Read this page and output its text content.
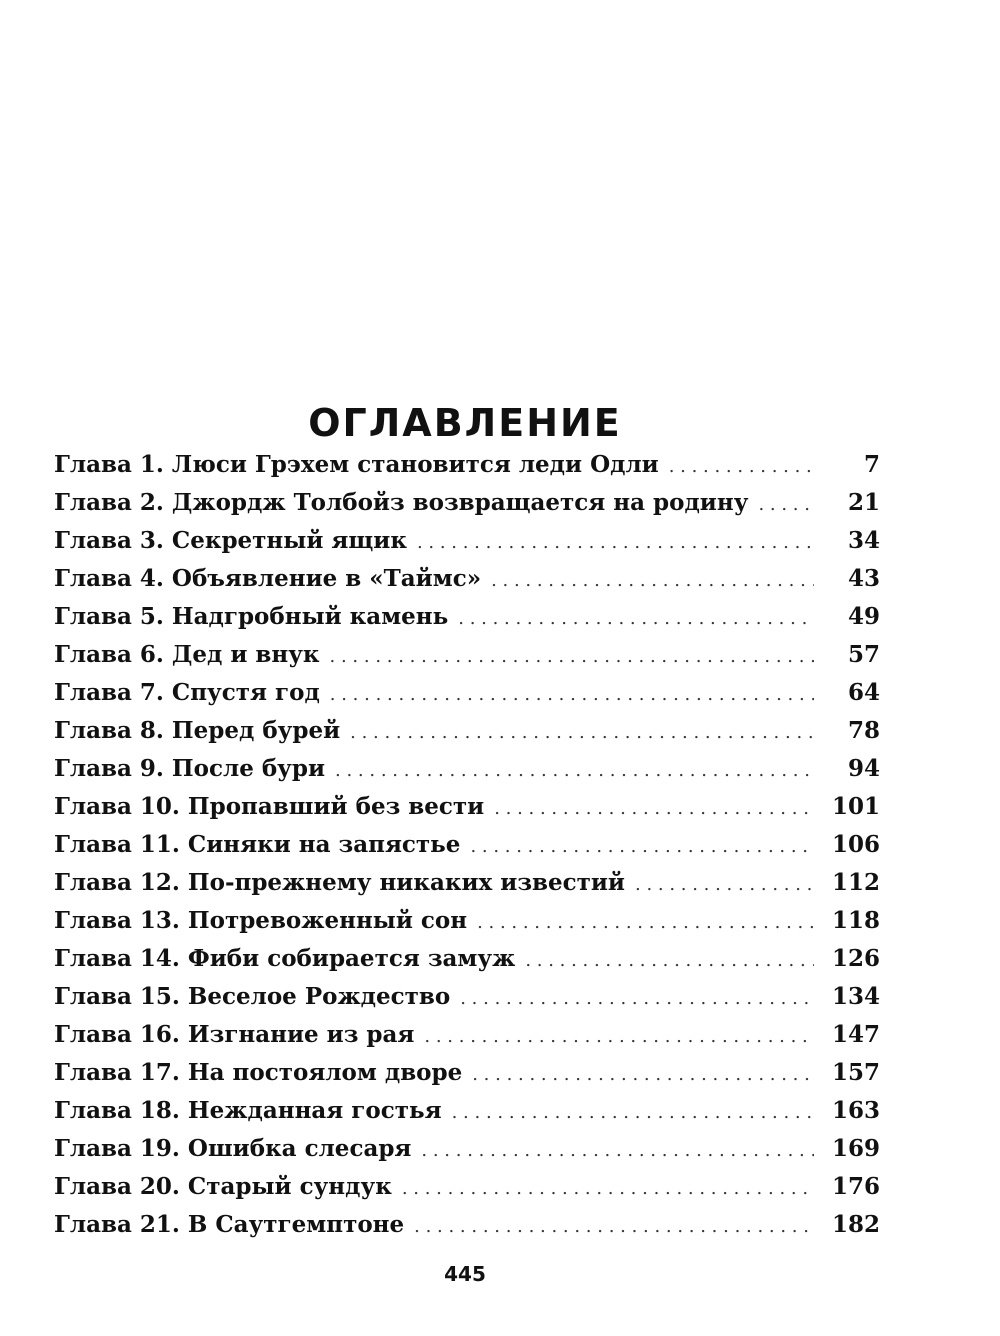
ОГЛАВЛЕНИЕ
Глава 1. Люси Грэхем становится леди Одли . . .	7
Глава 2. Джордж Толбойз возвращается на родину . . .	21
Глава 3. Секретный ящик . . .	34
Глава 4. Объявление в «Таймс» . . .	43
Глава 5. Надгробный камень . . .	49
Глава 6. Дед и внук . . .	57
Глава 7. Спустя год . . .	64
Глава 8. Перед бурей . . .	78
Глава 9. После бури . . .	94
Глава 10. Пропавший без вести . . .	101
Глава 11. Синяки на запястье . . .	106
Глава 12. По-прежнему никаких известий . . .	112
Глава 13. Потревоженный сон . . .	118
Глава 14. Фиби собирается замуж . . .	126
Глава 15. Веселое Рождество . . .	134
Глава 16. Изгнание из рая . . .	147
Глава 17. На постоялом дворе . . .	157
Глава 18. Нежданная гостья . . .	163
Глава 19. Ошибка слесаря . . .	169
Глава 20. Старый сундук . . .	176
Глава 21. В Саутгемптоне . . .	182
445
